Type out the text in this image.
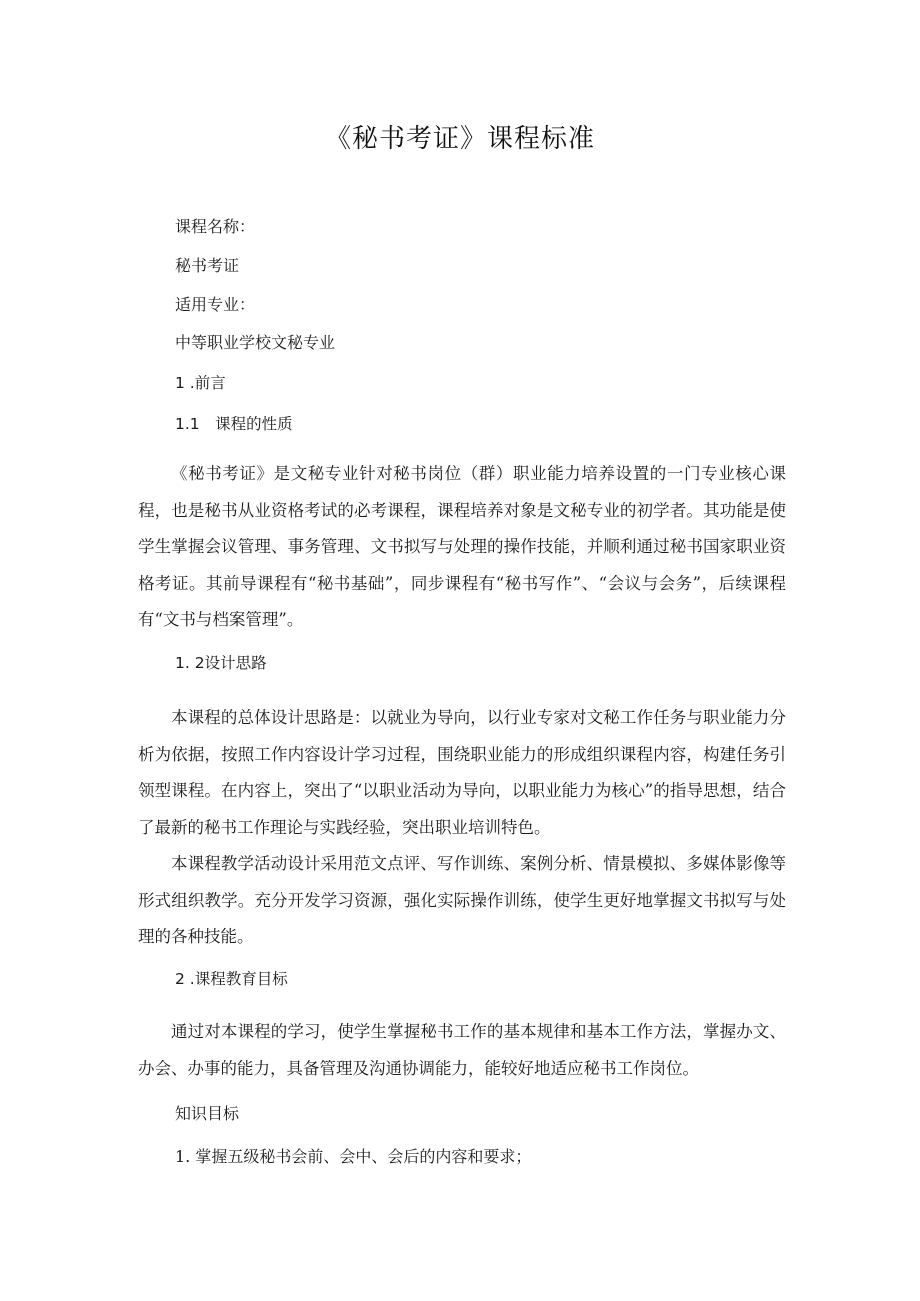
《秘书考证》课程标准
课程名称：
秘书考证
适用专业：
中等职业学校文秘专业
1 .前言
1.1　课程的性质

《秘书考证》是文秘专业针对秘书岗位（群）职业能力培养设置的一门专业核心课程，也是秘书从业资格考试的必考课程，课程培养对象是文秘专业的初学者。其功能是使学生掌握会议管理、事务管理、文书拟写与处理的操作技能，并顺利通过秘书国家职业资格考证。其前导课程有“秘书基础”，同步课程有“秘书写作”、“会议与会务”，后续课程有“文书与档案管理”。

1. 2设计思路

本课程的总体设计思路是：以就业为导向，以行业专家对文秘工作任务与职业能力分析为依据，按照工作内容设计学习过程，围绕职业能力的形成组织课程内容，构建任务引领型课程。在内容上，突出了“以职业活动为导向，以职业能力为核心”的指导思想，结合了最新的秘书工作理论与实践经验，突出职业培训特色。

本课程教学活动设计采用范文点评、写作训练、案例分析、情景模拟、多媒体影像等形式组织教学。充分开发学习资源，强化实际操作训练，使学生更好地掌握文书拟写与处理的各种技能。

2 .课程教育目标

通过对本课程的学习，使学生掌握秘书工作的基本规律和基本工作方法，掌握办文、办会、办事的能力，具备管理及沟通协调能力，能较好地适应秘书工作岗位。

知识目标
1. 掌握五级秘书会前、会中、会后的内容和要求；
